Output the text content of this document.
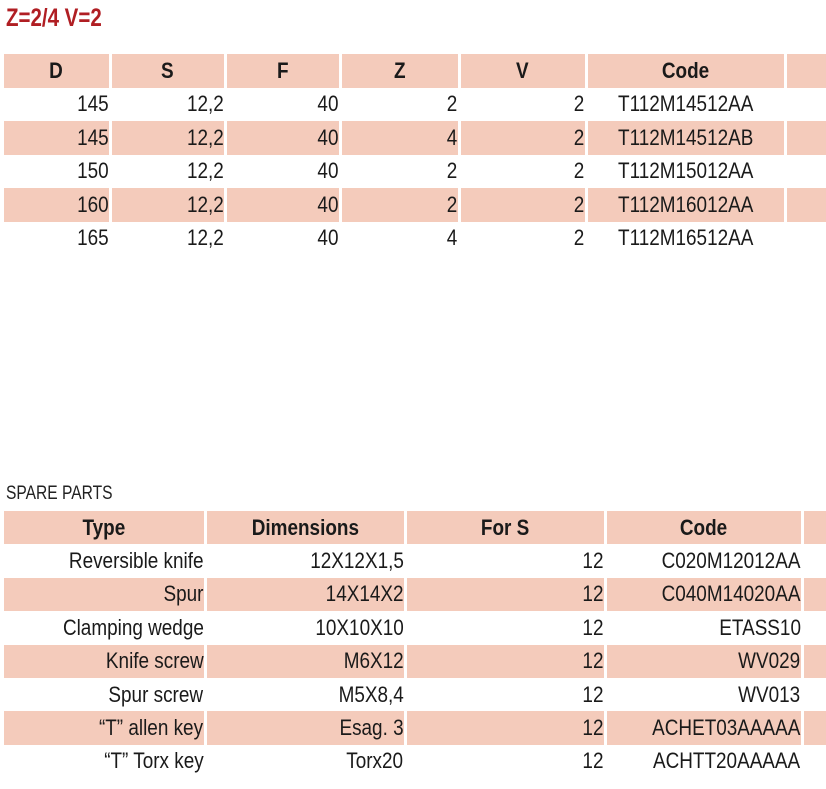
Z=2/4 V=2
D	S	F	Z	V	Code	
145	12,2	40	2	2	T112M14512AA	
145	12,2	40	4	2	T112M14512AB	
150	12,2	40	2	2	T112M15012AA	
160	12,2	40	2	2	T112M16012AA	
165	12,2	40	4	2	T112M16512AA	
SPARE PARTS
Type	Dimensions	For S	Code	
Reversible knife	12X12X1,5	12	C020M12012AA	
Spur	14X14X2	12	C040M14020AA	
Clamping wedge	10X10X10	12	ETASS10	
Knife screw	M6X12	12	WV029	
Spur screw	M5X8,4	12	WV013	
“T” allen key	Esag. 3	12	ACHET03AAAAA	
“T” Torx key	Torx20	12	ACHTT20AAAAA	
